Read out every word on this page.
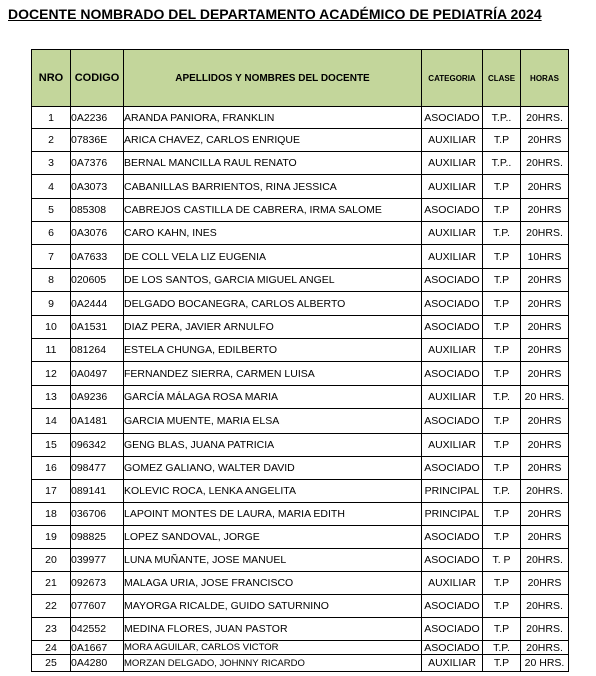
DOCENTE NOMBRADO DEL DEPARTAMENTO ACADÉMICO DE PEDIATRÍA 2024
NRO	CODIGO	APELLIDOS Y NOMBRES DEL DOCENTE	CATEGORIA	CLASE	HORAS
1	0A2236	ARANDA PANIORA, FRANKLIN	ASOCIADO	T.P..	20HRS.
2	07836E	ARICA CHAVEZ, CARLOS ENRIQUE	AUXILIAR	T.P	20HRS
3	0A7376	BERNAL MANCILLA RAUL RENATO	AUXILIAR	T.P..	20HRS.
4	0A3073	CABANILLAS BARRIENTOS, RINA JESSICA	AUXILIAR	T.P	20HRS
5	085308	CABREJOS CASTILLA DE CABRERA, IRMA SALOME	ASOCIADO	T.P	20HRS
6	0A3076	CARO KAHN, INES	AUXILIAR	T.P.	20HRS.
7	0A7633	DE COLL VELA LIZ EUGENIA	AUXILIAR	T.P	10HRS
8	020605	DE LOS SANTOS, GARCIA MIGUEL ANGEL	ASOCIADO	T.P	20HRS
9	0A2444	DELGADO BOCANEGRA, CARLOS ALBERTO	ASOCIADO	T.P	20HRS
10	0A1531	DIAZ PERA, JAVIER ARNULFO	ASOCIADO	T.P	20HRS
11	081264	ESTELA CHUNGA, EDILBERTO	AUXILIAR	T.P	20HRS
12	0A0497	FERNANDEZ SIERRA, CARMEN LUISA	ASOCIADO	T.P	20HRS
13	0A9236	GARCÍA MÁLAGA ROSA MARIA	AUXILIAR	T.P.	20 HRS.
14	0A1481	GARCIA MUENTE, MARIA ELSA	ASOCIADO	T.P	20HRS
15	096342	GENG BLAS, JUANA PATRICIA	AUXILIAR	T.P	20HRS
16	098477	GOMEZ GALIANO, WALTER DAVID	ASOCIADO	T.P	20HRS
17	089141	KOLEVIC ROCA, LENKA ANGELITA	PRINCIPAL	T.P.	20HRS.
18	036706	LAPOINT MONTES DE LAURA, MARIA EDITH	PRINCIPAL	T.P	20HRS
19	098825	LOPEZ SANDOVAL, JORGE	ASOCIADO	T.P	20HRS
20	039977	LUNA MUÑANTE, JOSE MANUEL	ASOCIADO	T. P	20HRS.
21	092673	MALAGA URIA, JOSE FRANCISCO	AUXILIAR	T.P	20HRS
22	077607	MAYORGA RICALDE, GUIDO SATURNINO	ASOCIADO	T.P	20HRS.
23	042552	MEDINA FLORES, JUAN PASTOR	ASOCIADO	T.P	20HRS.
24	0A1667	MORA AGUILAR, CARLOS VICTOR	ASOCIADO	T.P.	20HRS.
25	0A4280	MORZAN DELGADO, JOHNNY RICARDO	AUXILIAR	T.P	20 HRS.
